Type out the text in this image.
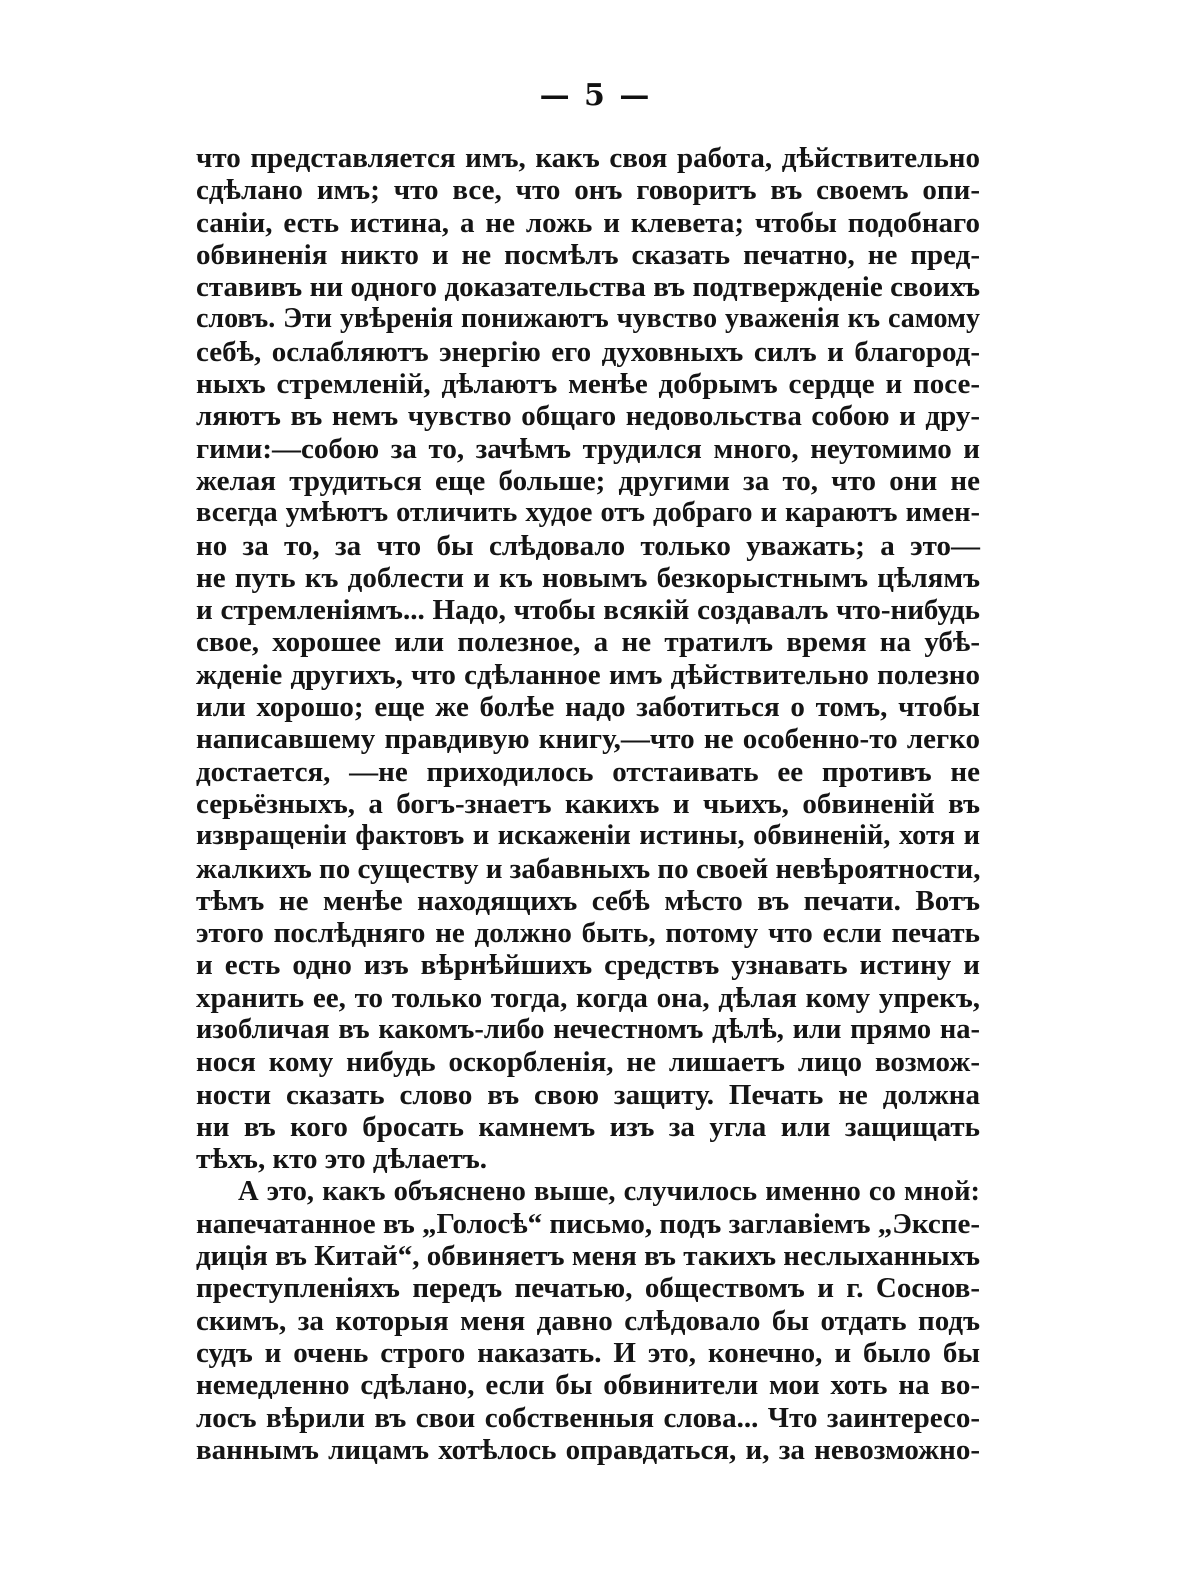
— 5 —
что представляется имъ, какъ своя работа, дѣйствительно
сдѣлано имъ; что все, что онъ говоритъ въ своемъ опи-
саніи, есть истина, а не ложь и клевета; чтобы подобнаго
обвиненія никто и не посмѣлъ сказать печатно, не пред-
ставивъ ни одного доказательства въ подтвержденіе своихъ
словъ. Эти увѣренія понижаютъ чувство уваженія къ самому
себѣ, ослабляютъ энергію его духовныхъ силъ и благород-
ныхъ стремленій, дѣлаютъ менѣе добрымъ сердце и посе-
ляютъ въ немъ чувство общаго недовольства собою и дру-
гими:—собою за то, зачѣмъ трудился много, неутомимо и
желая трудиться еще больше; другими за то, что они не
всегда умѣютъ отличить худое отъ добраго и караютъ имен-
но за то, за что бы слѣдовало только уважать; а это—
не путь къ доблести и къ новымъ безкорыстнымъ цѣлямъ
и стремленіямъ... Надо, чтобы всякій создавалъ что-нибудь
свое, хорошее или полезное, а не тратилъ время на убѣ-
жденіе другихъ, что сдѣланное имъ дѣйствительно полезно
или хорошо; еще же болѣе надо заботиться о томъ, чтобы
написавшему правдивую книгу,—что не особенно-то легко
достается, —не приходилось отстаивать ее противъ не
серьёзныхъ, а богъ-знаетъ какихъ и чьихъ, обвиненій въ
извращеніи фактовъ и искаженіи истины, обвиненій, хотя и
жалкихъ по существу и забавныхъ по своей невѣроятности,
тѣмъ не менѣе находящихъ себѣ мѣсто въ печати. Вотъ
этого послѣдняго не должно быть, потому что если печать
и есть одно изъ вѣрнѣйшихъ средствъ узнавать истину и
хранить ее, то только тогда, когда она, дѣлая кому упрекъ,
изобличая въ какомъ-либо нечестномъ дѣлѣ, или прямо на-
нося кому нибудь оскорбленія, не лишаетъ лицо возмож-
ности сказать слово въ свою защиту. Печать не должна
ни въ кого бросать камнемъ изъ за угла или защищать
тѣхъ, кто это дѣлаетъ.
А это, какъ объяснено выше, случилось именно со мной:
напечатанное въ „Голосѣ“ письмо, подъ заглавіемъ „Экспе-
диція въ Китай“, обвиняетъ меня въ такихъ неслыханныхъ
преступленіяхъ передъ печатью, обществомъ и г. Соснов-
скимъ, за которыя меня давно слѣдовало бы отдать подъ
судъ и очень строго наказать. И это, конечно, и было бы
немедленно сдѣлано, если бы обвинители мои хоть на во-
лосъ вѣрили въ свои собственныя слова... Что заинтересо-
ваннымъ лицамъ хотѣлось оправдаться, и, за невозможно-
